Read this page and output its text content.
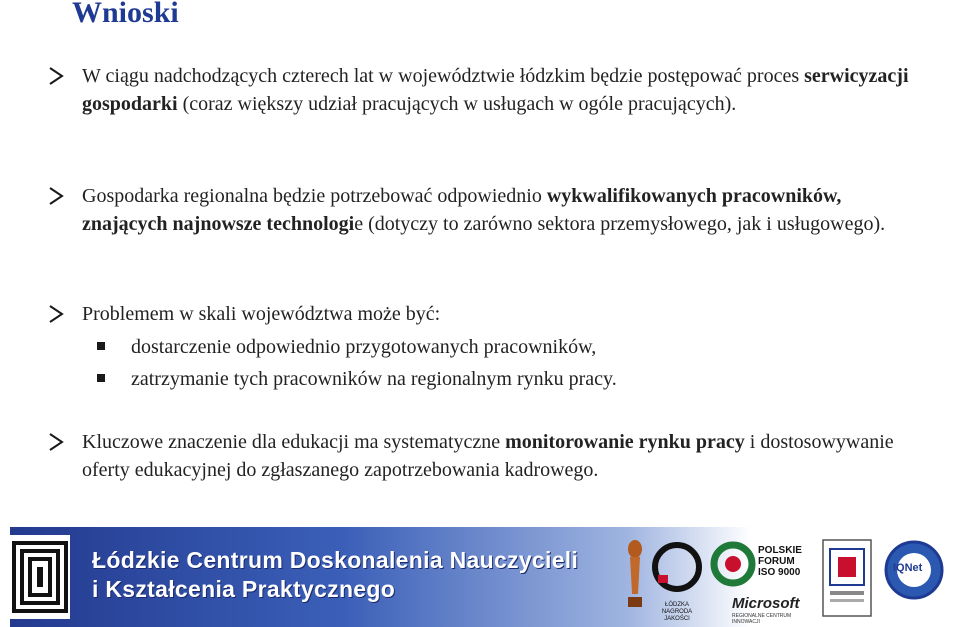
Wnioski
W ciągu nadchodzących czterech lat w województwie łódzkim będzie postępować proces serwicyzacji gospodarki (coraz większy udział pracujących w usługach w ogóle pracujących).
Gospodarka regionalna będzie potrzebować odpowiednio wykwalifikowanych pracowników, znających najnowsze technologie (dotyczy to zarówno sektora przemysłowego, jak i usługowego).
Problemem w skali województwa może być:
dostarczenie odpowiednio przygotowanych pracowników,
zatrzymanie tych pracowników na regionalnym rynku pracy.
Kluczowe znaczenie dla edukacji ma systematyczne monitorowanie rynku pracy i dostosowywanie oferty edukacyjnej do zgłaszanego zapotrzebowania kadrowego.
Łódzkie Centrum Doskonalenia Nauczycieli
i Kształcenia Praktycznego
ŁÓDZKA NAGRODA JAKOŚCI
POLSKIE
FORUM
ISO 9000
Microsoft
REGIONALNE CENTRUM INNOWACJI
IQNet
